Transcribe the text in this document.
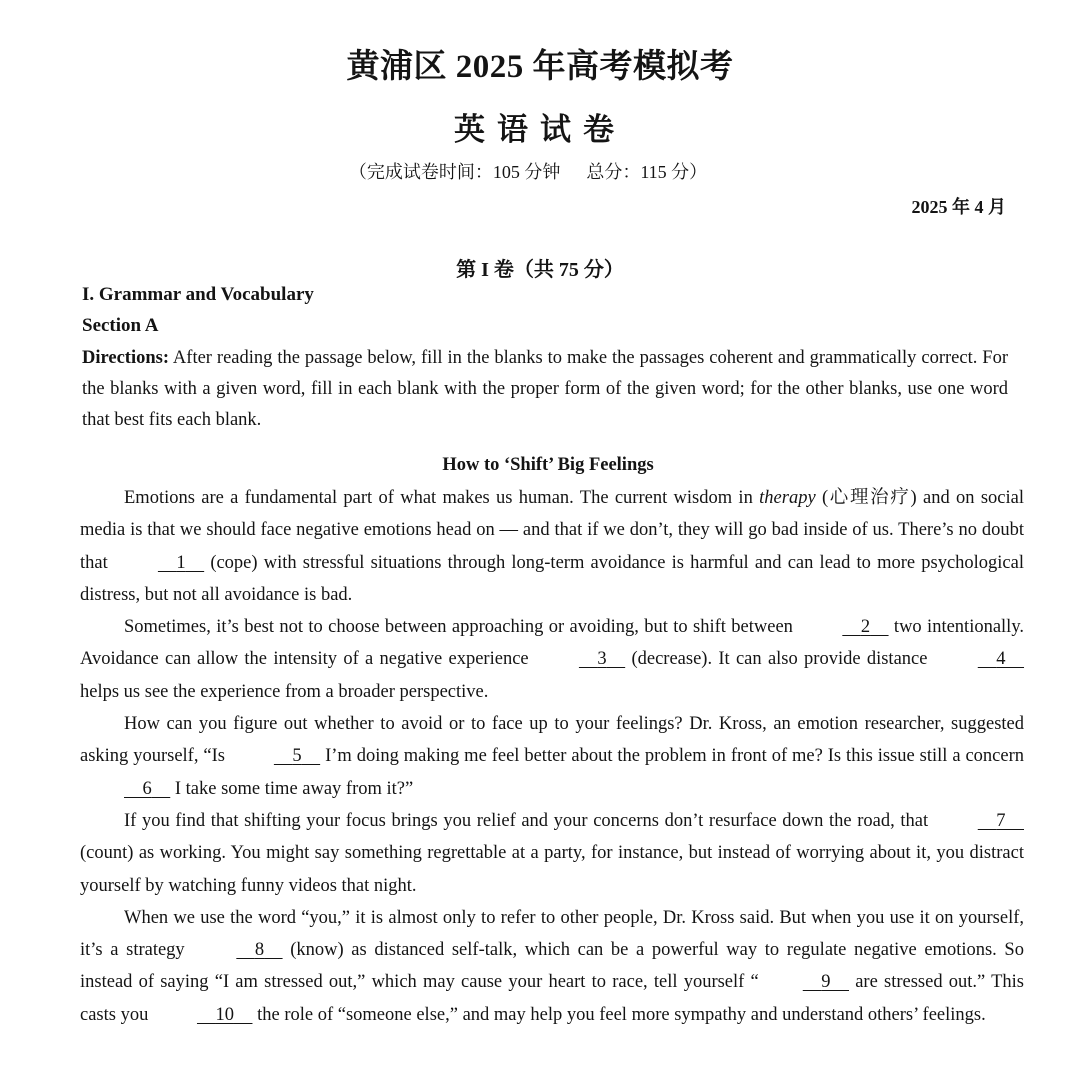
黄浦区 2025 年高考模拟考
英语试卷
（完成试卷时间：105 分钟 总分：115 分）
2025 年 4 月
第 I 卷（共 75 分）
I. Grammar and Vocabulary
Section A
Directions: After reading the passage below, fill in the blanks to make the passages coherent and grammatically correct. For the blanks with a given word, fill in each blank with the proper form of the given word; for the other blanks, use one word that best fits each blank.
How to ‘Shift’ Big Feelings

Emotions are a fundamental part of what makes us human. The current wisdom in therapy (心理治疗) and on social media is that we should face negative emotions head on — and that if we don’t, they will go bad inside of us. There’s no doubt that	1 (cope) with stressful situations through long-term avoidance is harmful and can lead to more psychological distress, but not all avoidance is bad.

Sometimes, it’s best not to choose between approaching or avoiding, but to shift between	2 two intentionally. Avoidance can allow the intensity of a negative experience	3 (decrease). It can also provide distance	4 helps us see the experience from a broader perspective.

How can you figure out whether to avoid or to face up to your feelings? Dr. Kross, an emotion researcher, suggested asking yourself, “Is	5 I’m doing making me feel better about the problem in front of me? Is this issue still a concern 6 I take some time away from it?”

If you find that shifting your focus brings you relief and your concerns don’t resurface down the road, that	7 (count) as working. You might say something regrettable at a party, for instance, but instead of worrying about it, you distract yourself by watching funny videos that night.

When we use the word “you,” it is almost only to refer to other people, Dr. Kross said. But when you use it on yourself, it’s a strategy	8 (know) as distanced self-talk, which can be a powerful way to regulate negative emotions. So instead of saying “I am stressed out,” which may cause your heart to race, tell yourself “	9 are stressed out.” This casts you	10 the role of “someone else,” and may help you feel more sympathy and understand others’ feelings.
